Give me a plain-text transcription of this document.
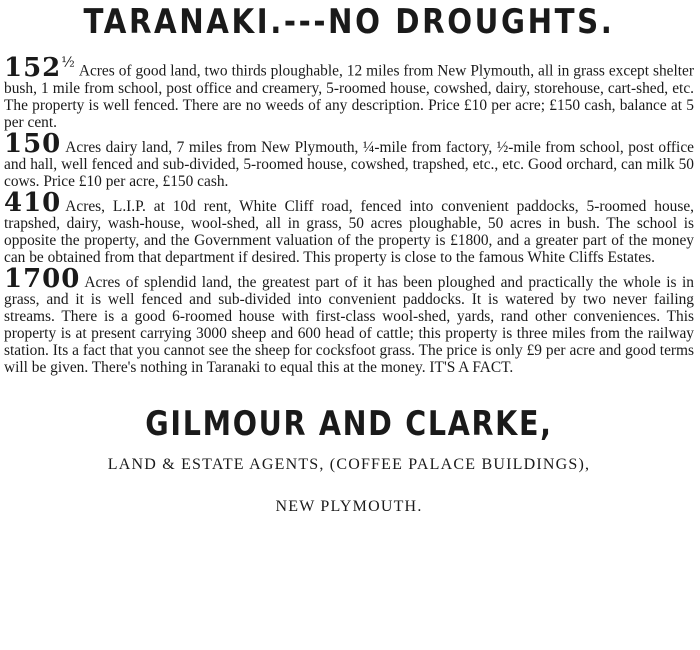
TARANAKI.---NO DROUGHTS.

$152^{\frac{1}{2}}Acres$ of good land, two thirds ploughable, 12 miles from New Plymouth, all in grass except shelter bush, 1 mile from school, post office and creamery, 5-roomed house, cowshed, dairy, storehouse, cart-shed, etc. The property is well fenced. There are no weeds of any description. Price £10 per acre; £150 cash, balance at 5 per cent.

150 Acres dairy land, 7 miles from New Plymouth, ¼-mile from factory, ½-mile from school, post office and hall, well fenced and sub-divided, 5-roomed house, cowshed, trapshed, etc., etc. Good orchard, can milk 50 cows. Price £10 per acre, £150 cash.

410 Acres, L.I.P. at 10d rent, White Cliff road, fenced into convenient paddocks, 5-roomed house, trapshed, dairy, wash-house, wool-shed, all in grass, 50 acres ploughable, 50 acres in bush. The school is opposite the property, and the Government valuation of the property is £1800, and a greater part of the money can be obtained from that department if desired. This property is close to the famous White Cliffs Estates.

1700 Acres of splendid land, the greatest part of it has been ploughed and practically the whole is in grass, and it is well fenced and sub-divided into convenient paddocks. It is watered by two never failing streams. There is a good 6-roomed house with first-class wool-shed, yards, rand other conveniences. This property is at present carrying 3000 sheep and 600 head of cattle; this property is three miles from the railway station. Its a fact that you cannot see the sheep for cocksfoot grass. The price is only £9 per acre and good terms will be given. There's nothing in Taranaki to equal this at the money. IT'S A FACT.

GILMOUR AND CLARKE,
LAND & ESTATE AGENTS, (COFFEE PALACE BUILDINGS),
NEW PLYMOUTH.
